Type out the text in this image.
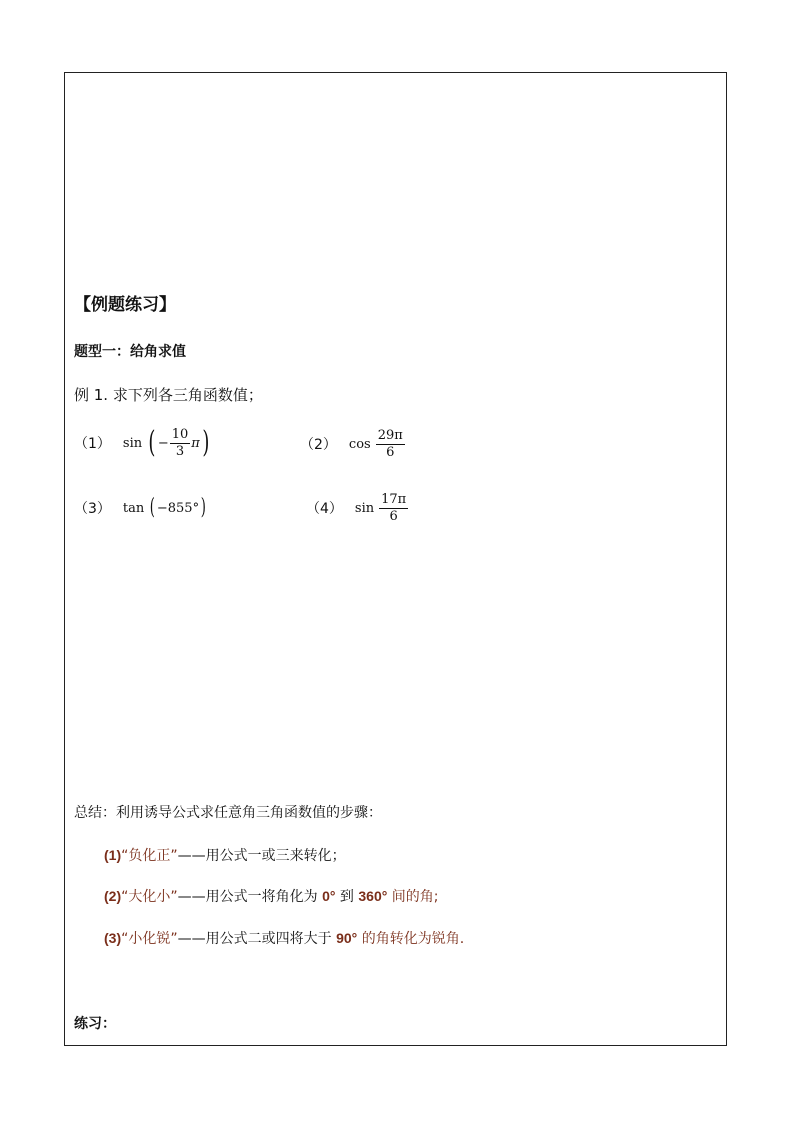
【例题练习】
题型一：给角求值
例 1. 求下列各三角函数值；
（1） sin ( − $\frac{10}{3}$ π )	（2） $\cos \frac{29\pi}{6}$
（3） tan ( −855° )	（4） $\sin \frac{17\pi}{6}$
总结：利用诱导公式求任意角三角函数值的步骤：
(1)“负化正”——用公式一或三来转化；
(2)“大化小”——用公式一将角化为 0° 到 360° 间的角;
(3)“小化锐”——用公式二或四将大于 90° 的角转化为锐角.
练习：
